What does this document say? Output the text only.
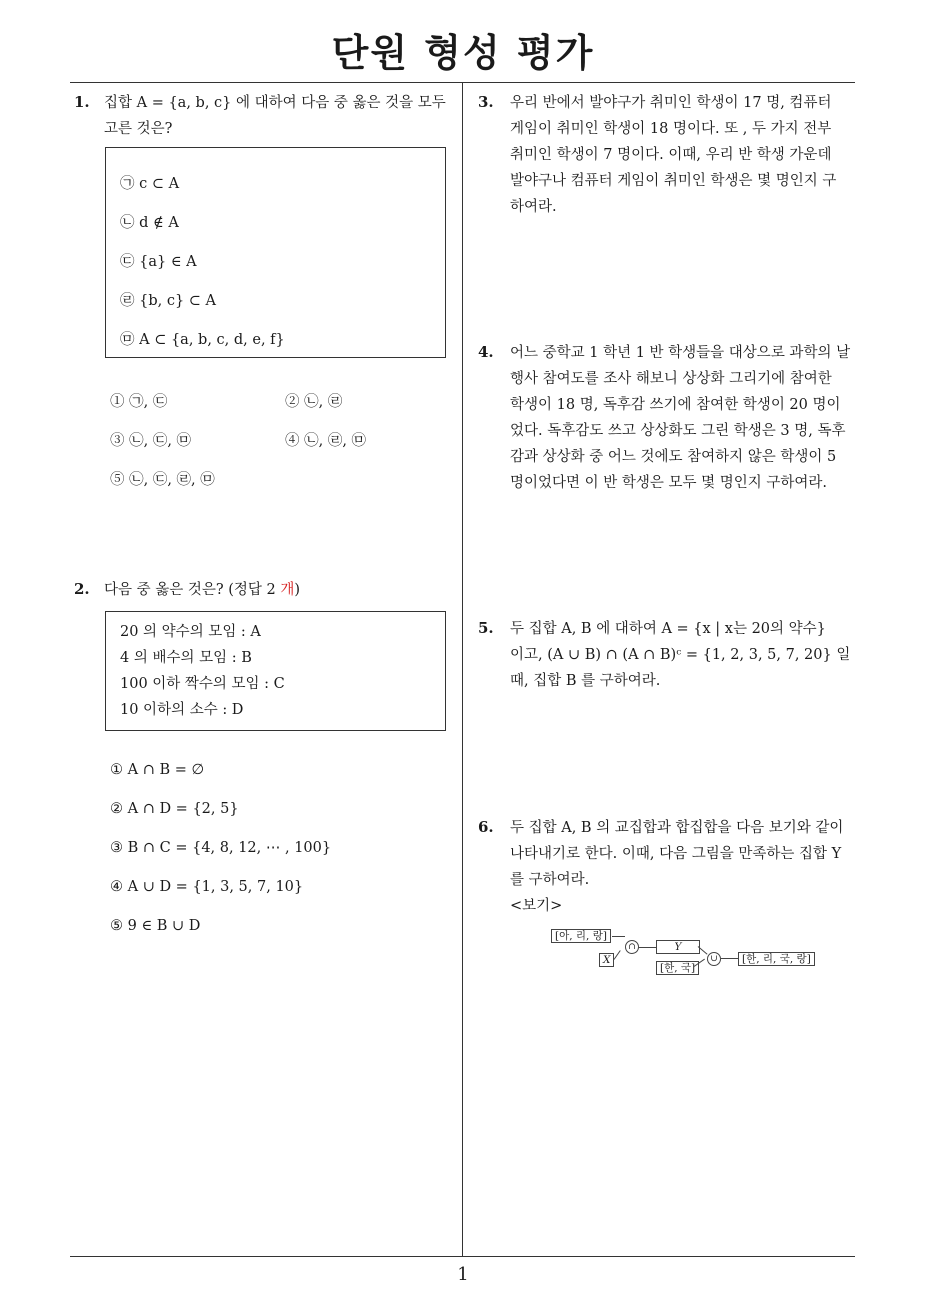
단원 형성 평가
1
1. 집합 A = {a, b, c} 에 대하여 다음 중 옳은 것을 모두
고른 것은?
㉠ c ⊂ A
㉡ d ∉ A
㉢ {a} ∈ A
㉣ {b, c} ⊂ A
㉤ A ⊂ {a, b, c, d, e, f}
① ㉠, ㉢	② ㉡, ㉣
③ ㉡, ㉢, ㉤	④ ㉡, ㉣, ㉤
⑤ ㉡, ㉢, ㉣, ㉤
2. 다음 중 옳은 것은? (정답 2 개)
20 의 약수의 모임 : A
4 의 배수의 모임 : B
100 이하 짝수의 모임 : C
10 이하의 소수 : D
① A ∩ B = ∅
② A ∩ D = {2, 5}
③ B ∩ C = {4, 8, 12, ⋯ , 100}
④ A ∪ D = {1, 3, 5, 7, 10}
⑤ 9 ∈ B ∪ D
3. 우리 반에서 발야구가 취미인 학생이 17 명, 컴퓨터
게임이 취미인 학생이 18 명이다. 또 , 두 가지 전부
취미인 학생이 7 명이다. 이때, 우리 반 학생 가운데
발야구나 컴퓨터 게임이 취미인 학생은 몇 명인지 구
하여라.
4. 어느 중학교 1 학년 1 반 학생들을 대상으로 과학의 날
행사 참여도를 조사 해보니 상상화 그리기에 참여한
학생이 18 명, 독후감 쓰기에 참여한 학생이 20 명이
었다. 독후감도 쓰고 상상화도 그린 학생은 3 명, 독후
감과 상상화 중 어느 것에도 참여하지 않은 학생이 5
명이었다면 이 반 학생은 모두 몇 명인지 구하여라.
5. 두 집합 A, B 에 대하여 A = {x | x는 20의 약수}
이고, (A ∪ B) ∩ (A ∩ B)ᶜ = {1, 2, 3, 5, 7, 20} 일
때, 집합 B 를 구하여라.
6. 두 집합 A, B 의 교집합과 합집합을 다음 보기와 같이
나타내기로 한다. 이때, 다음 그림을 만족하는 집합 Y
를 구하여라.
<보기>
[아, 리, 랑]
X
∩	Y
[한, 국]
∪	[한, 리, 국, 랑]
